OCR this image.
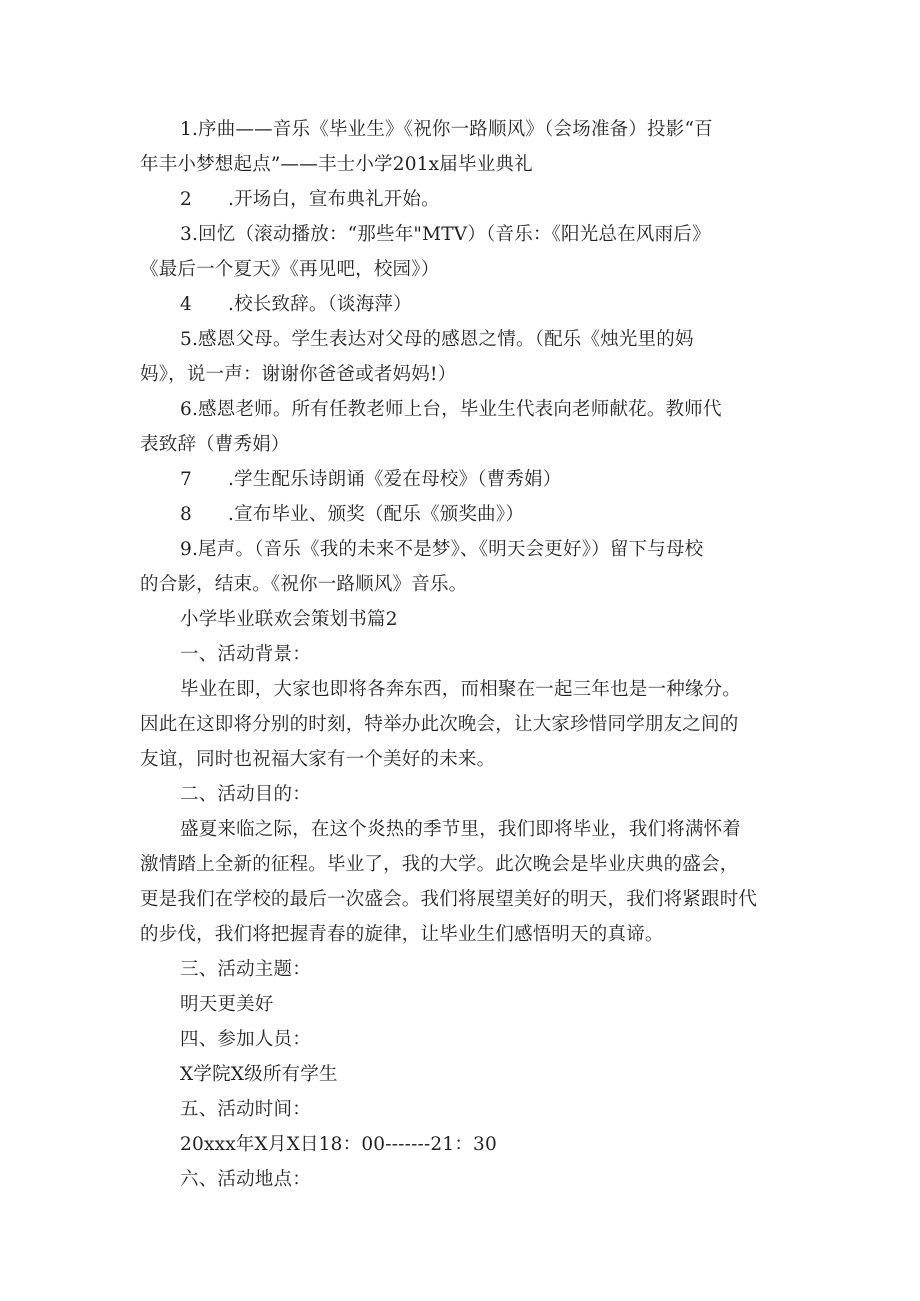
1.序曲——音乐《毕业生》《祝你一路顺风》（会场准备）投影“百
年丰小梦想起点”——丰士小学201x届毕业典礼
2 .开场白，宣布典礼开始。
3.回忆（滚动播放：“那些年"MTV）（音乐：《阳光总在风雨后》
《最后一个夏天》《再见吧，校园》）
4 .校长致辞。（谈海萍）
5.感恩父母。学生表达对父母的感恩之情。（配乐《烛光里的妈
妈》，说一声：谢谢你爸爸或者妈妈!）
6.感恩老师。所有任教老师上台，毕业生代表向老师献花。教师代
表致辞（曹秀娟）
7 .学生配乐诗朗诵《爱在母校》（曹秀娟）
8 .宣布毕业、颁奖（配乐《颁奖曲》）
9.尾声。（音乐《我的未来不是梦》、《明天会更好》）留下与母校
的合影，结束。《祝你一路顺风》音乐。
小学毕业联欢会策划书篇2
一、活动背景：
毕业在即，大家也即将各奔东西，而相聚在一起三年也是一种缘分。
因此在这即将分别的时刻，特举办此次晚会，让大家珍惜同学朋友之间的
友谊，同时也祝福大家有一个美好的未来。
二、活动目的：
盛夏来临之际，在这个炎热的季节里，我们即将毕业，我们将满怀着
激情踏上全新的征程。毕业了，我的大学。此次晚会是毕业庆典的盛会，
更是我们在学校的最后一次盛会。我们将展望美好的明天，我们将紧跟时代
的步伐，我们将把握青春的旋律，让毕业生们感悟明天的真谛。
三、活动主题：
明天更美好
四、参加人员：
X学院X级所有学生
五、活动时间：
20xxx年X月X日18：00-------21：30
六、活动地点：
